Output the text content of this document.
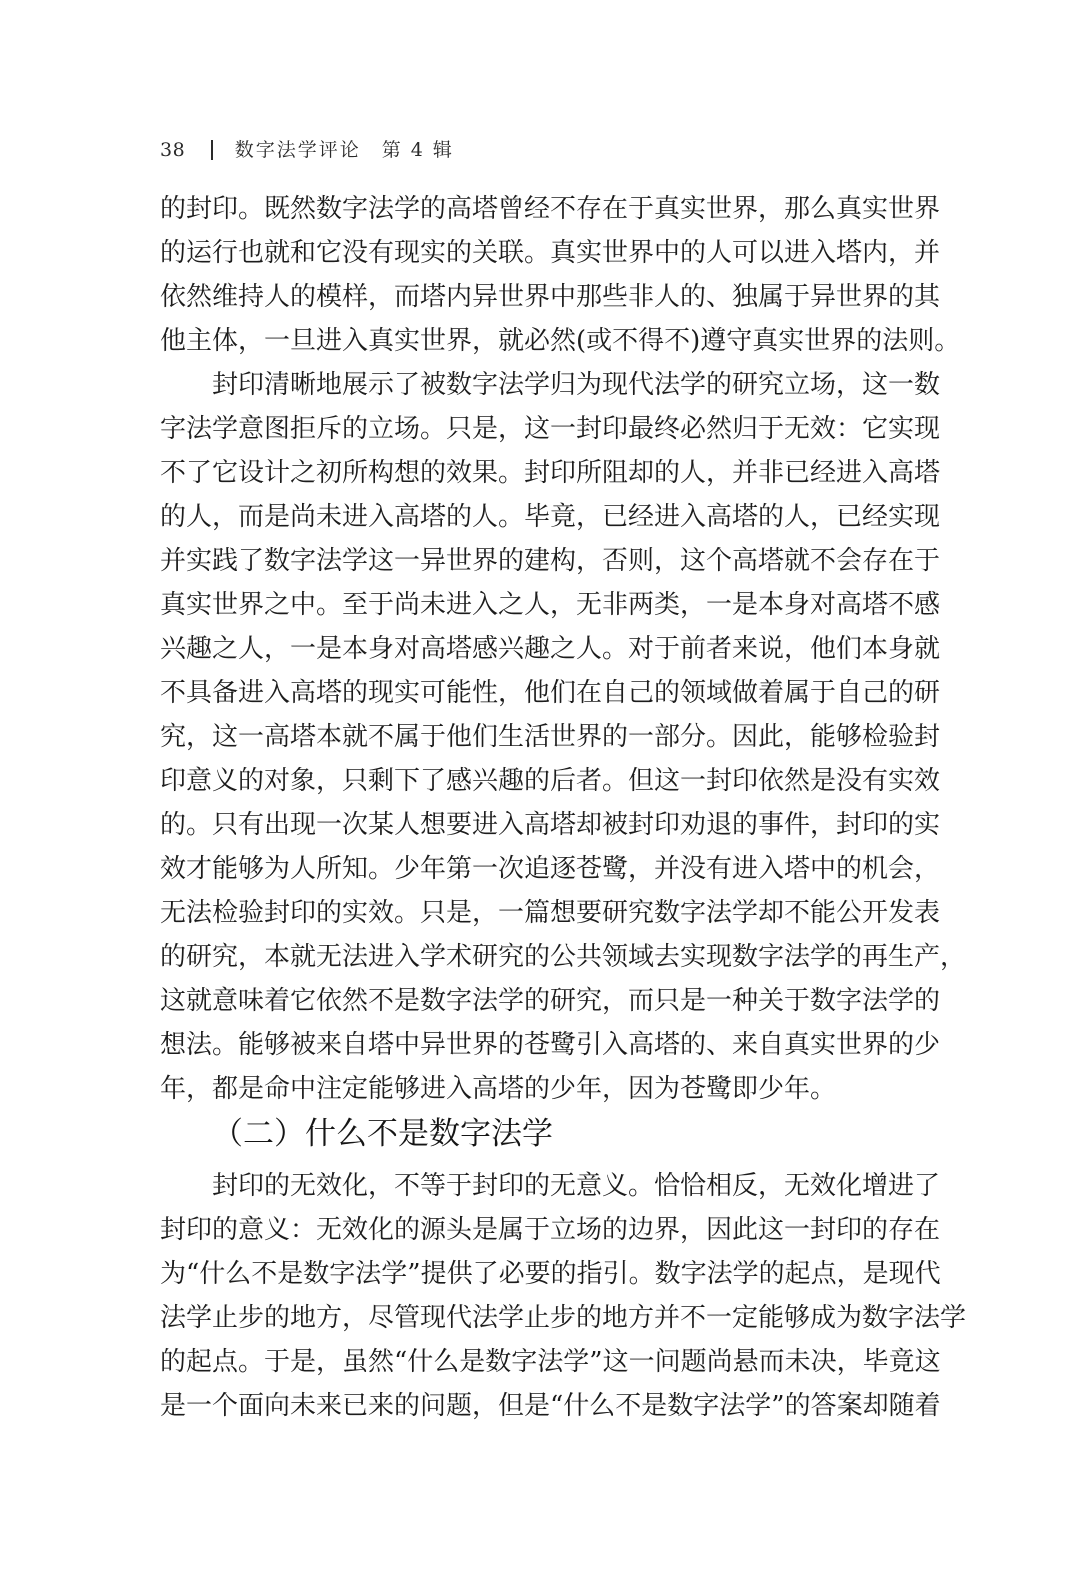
38	数字法学评论　第 4 辑
的封印。既然数字法学的高塔曾经不存在于真实世界，那么真实世界
的运行也就和它没有现实的关联。真实世界中的人可以进入塔内，并
依然维持人的模样，而塔内异世界中那些非人的、独属于异世界的其
他主体，一旦进入真实世界，就必然(或不得不)遵守真实世界的法则。
封印清晰地展示了被数字法学归为现代法学的研究立场，这一数
字法学意图拒斥的立场。只是，这一封印最终必然归于无效：它实现
不了它设计之初所构想的效果。封印所阻却的人，并非已经进入高塔
的人，而是尚未进入高塔的人。毕竟，已经进入高塔的人，已经实现
并实践了数字法学这一异世界的建构，否则，这个高塔就不会存在于
真实世界之中。至于尚未进入之人，无非两类，一是本身对高塔不感
兴趣之人，一是本身对高塔感兴趣之人。对于前者来说，他们本身就
不具备进入高塔的现实可能性，他们在自己的领域做着属于自己的研
究，这一高塔本就不属于他们生活世界的一部分。因此，能够检验封
印意义的对象，只剩下了感兴趣的后者。但这一封印依然是没有实效
的。只有出现一次某人想要进入高塔却被封印劝退的事件，封印的实
效才能够为人所知。少年第一次追逐苍鹭，并没有进入塔中的机会，
无法检验封印的实效。只是，一篇想要研究数字法学却不能公开发表
的研究，本就无法进入学术研究的公共领域去实现数字法学的再生产，
这就意味着它依然不是数字法学的研究，而只是一种关于数字法学的
想法。能够被来自塔中异世界的苍鹭引入高塔的、来自真实世界的少
年，都是命中注定能够进入高塔的少年，因为苍鹭即少年。
封印的无效化，不等于封印的无意义。恰恰相反，无效化增进了
封印的意义：无效化的源头是属于立场的边界，因此这一封印的存在
为“什么不是数字法学”提供了必要的指引。数字法学的起点，是现代
法学止步的地方，尽管现代法学止步的地方并不一定能够成为数字法学
的起点。于是，虽然“什么是数字法学”这一问题尚悬而未决，毕竟这
是一个面向未来已来的问题，但是“什么不是数字法学”的答案却随着
（二）什么不是数字法学
